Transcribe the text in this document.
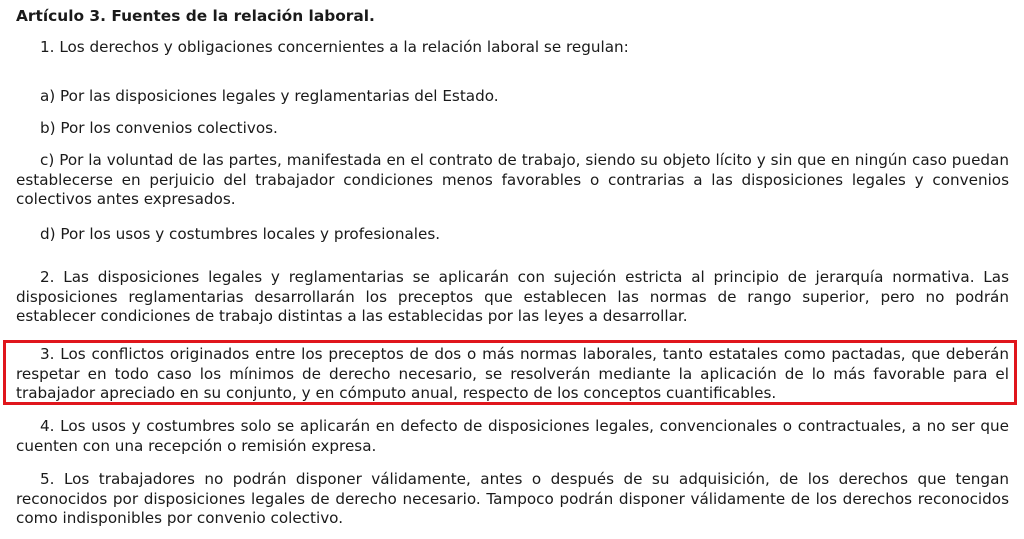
Artículo 3. Fuentes de la relación laboral.
1. Los derechos y obligaciones concernientes a la relación laboral se regulan:
a) Por las disposiciones legales y reglamentarias del Estado.
b) Por los convenios colectivos.
c) Por la voluntad de las partes, manifestada en el contrato de trabajo, siendo su objeto lícito y sin que en ningún caso puedan establecerse en perjuicio del trabajador condiciones menos favorables o contrarias a las disposiciones legales y convenios colectivos antes expresados.
d) Por los usos y costumbres locales y profesionales.
2. Las disposiciones legales y reglamentarias se aplicarán con sujeción estricta al principio de jerarquía normativa. Las disposiciones reglamentarias desarrollarán los preceptos que establecen las normas de rango superior, pero no podrán establecer condiciones de trabajo distintas a las establecidas por las leyes a desarrollar.
3. Los conflictos originados entre los preceptos de dos o más normas laborales, tanto estatales como pactadas, que deberán respetar en todo caso los mínimos de derecho necesario, se resolverán mediante la aplicación de lo más favorable para el trabajador apreciado en su conjunto, y en cómputo anual, respecto de los conceptos cuantificables.
4. Los usos y costumbres solo se aplicarán en defecto de disposiciones legales, convencionales o contractuales, a no ser que cuenten con una recepción o remisión expresa.
5. Los trabajadores no podrán disponer válidamente, antes o después de su adquisición, de los derechos que tengan reconocidos por disposiciones legales de derecho necesario. Tampoco podrán disponer válidamente de los derechos reconocidos como indisponibles por convenio colectivo.
